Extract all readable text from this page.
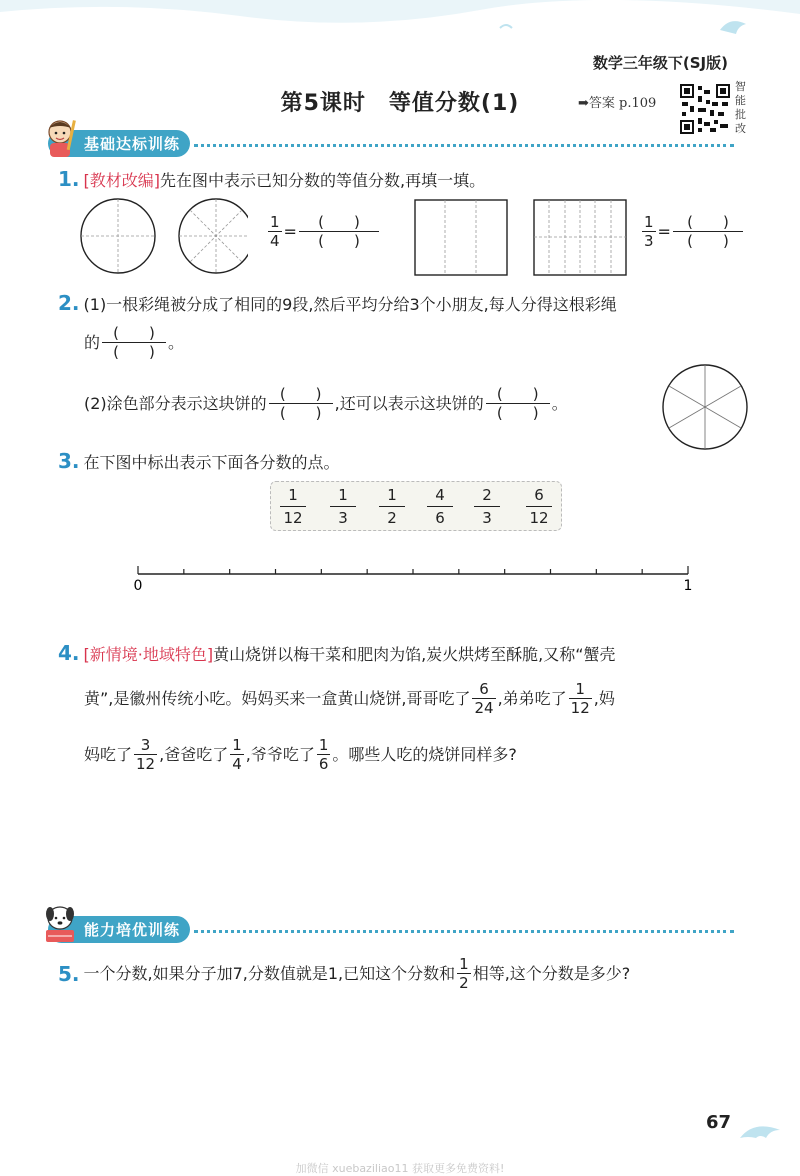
数学三年级下(SJ版)
第5课时　等值分数(1)	➡答案 p.109
智
能
批
改
基础达标训练
1. [教材改编]先在图中表示已知分数的等值分数,再填一填。
$\frac{1}{4} = \frac{( )}{( )}$	$\frac{1}{3} = \frac{( )}{( )}$
2. (1)一根彩绳被分成了相同的9段,然后平均分给3个小朋友,每人分得这根彩绳
的 $\frac{( )}{( )}$ 。
(2)涂色部分表示这块饼的 $\frac{( )}{( )}$ ,还可以表示这块饼的 $\frac{( )}{( )}$ 。
3. 在下图中标出表示下面各分数的点。
1
12
1
3
1
2
4
6
2
3
6
12
0	1
4. [新情境·地域特色]黄山烧饼以梅干菜和肥肉为馅,炭火烘烤至酥脆,又称“蟹壳
黄”,是徽州传统小吃。妈妈买来一盒黄山烧饼,哥哥吃了 $\frac{6}{24}$ ,弟弟吃了 $\frac{1}{12}$ ,妈
妈吃了 $\frac{3}{12}$ ,爸爸吃了 $\frac{1}{4}$ ,爷爷吃了 $\frac{1}{6}$ 。哪些人吃的烧饼同样多?
能力培优训练
5. 一个分数,如果分子加7,分数值就是1,已知这个分数和 $\frac{1}{2}$ 相等,这个分数是多少?
67
加微信 xuebaziliao11 获取更多免费资料!
